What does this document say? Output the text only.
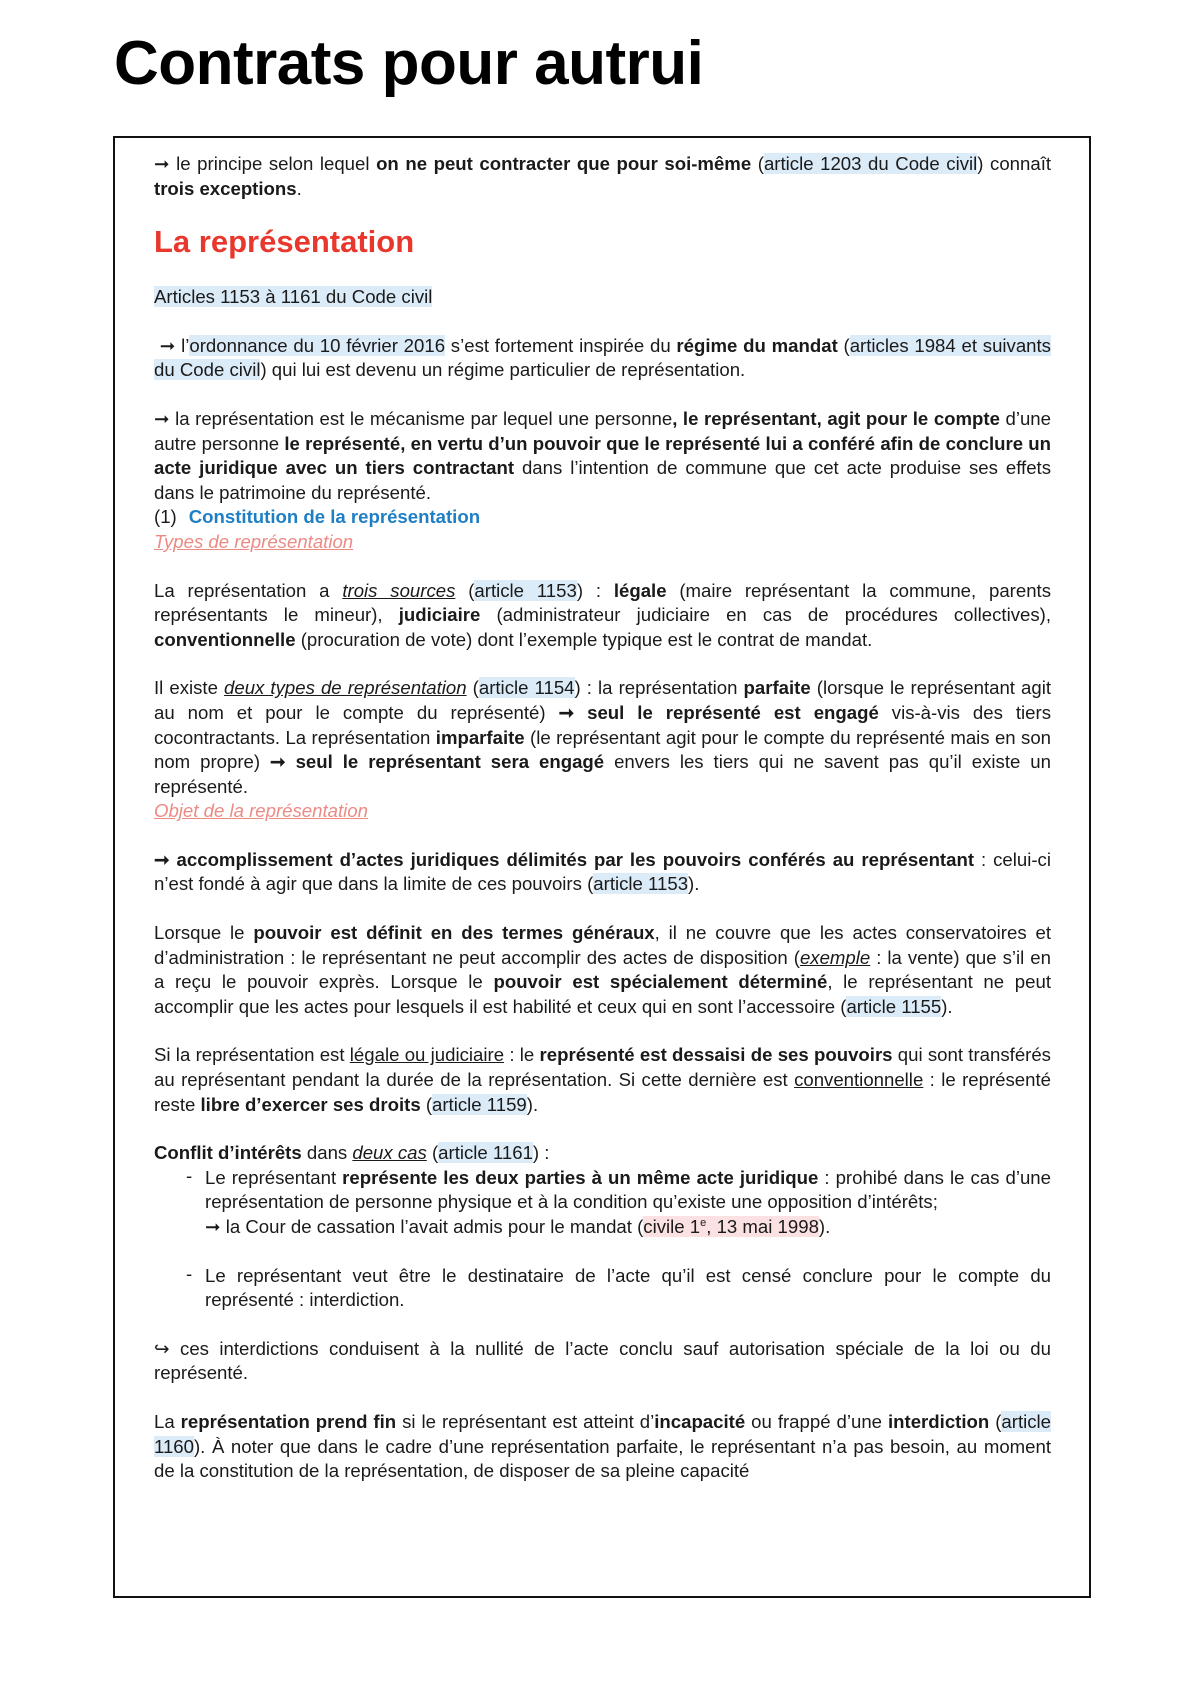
Contrats pour autrui

➞ le principe selon lequel on ne peut contracter que pour soi-même (article 1203 du Code civil) connaît trois exceptions.

La représentation

Articles 1153 à 1161 du Code civil

➞ l’ordonnance du 10 février 2016 s’est fortement inspirée du régime du mandat (articles 1984 et suivants du Code civil) qui lui est devenu un régime particulier de représentation.

➞ la représentation est le mécanisme par lequel une personne, le représentant, agit pour le compte d’une autre personne le représenté, en vertu d’un pouvoir que le représenté lui a conféré afin de conclure un acte juridique avec un tiers contractant dans l’intention de commune que cet acte produise ses effets dans le patrimoine du représenté.

(1) Constitution de la représentation

Types de représentation

La représentation a trois sources (article 1153) : légale (maire représentant la commune, parents représentants le mineur), judiciaire (administrateur judiciaire en cas de procédures collectives), conventionnelle (procuration de vote) dont l’exemple typique est le contrat de mandat.

Il existe deux types de représentation (article 1154) : la représentation parfaite (lorsque le représentant agit au nom et pour le compte du représenté) ➞ seul le représenté est engagé vis-à-vis des tiers cocontractants. La représentation imparfaite (le représentant agit pour le compte du représenté mais en son nom propre) ➞ seul le représentant sera engagé envers les tiers qui ne savent pas qu’il existe un représenté.

Objet de la représentation

➞ accomplissement d’actes juridiques délimités par les pouvoirs conférés au représentant : celui-ci n’est fondé à agir que dans la limite de ces pouvoirs (article 1153).

Lorsque le pouvoir est définit en des termes généraux, il ne couvre que les actes conservatoires et d’administration : le représentant ne peut accomplir des actes de disposition (exemple : la vente) que s’il en a reçu le pouvoir exprès. Lorsque le pouvoir est spécialement déterminé, le représentant ne peut accomplir que les actes pour lesquels il est habilité et ceux qui en sont l’accessoire (article 1155).

Si la représentation est légale ou judiciaire : le représenté est dessaisi de ses pouvoirs qui sont transférés au représentant pendant la durée de la représentation. Si cette dernière est conventionnelle : le représenté reste libre d’exercer ses droits (article 1159).

Conflit d’intérêts dans deux cas (article 1161) :

- Le représentant représente les deux parties à un même acte juridique : prohibé dans le cas d’une représentation de personne physique et à la condition qu’existe une opposition d’intérêts;
➞ la Cour de cassation l’avait admis pour le mandat (civile 1e, 13 mai 1998).
- Le représentant veut être le destinataire de l’acte qu’il est censé conclure pour le compte du représenté : interdiction.

↪ ces interdictions conduisent à la nullité de l’acte conclu sauf autorisation spéciale de la loi ou du représenté.

La représentation prend fin si le représentant est atteint d’incapacité ou frappé d’une interdiction (article 1160). À noter que dans le cadre d’une représentation parfaite, le représentant n’a pas besoin, au moment de la constitution de la représentation, de disposer de sa pleine capacité
